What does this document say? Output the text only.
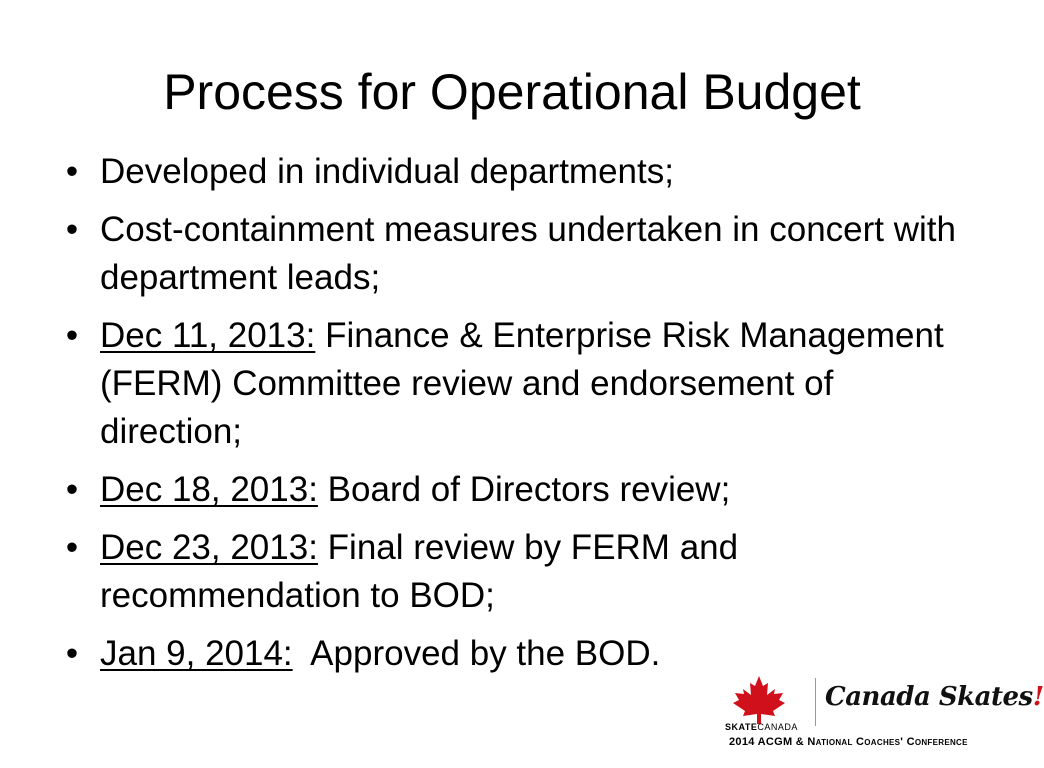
Process for Operational Budget
• Developed in individual departments;
• Cost-containment measures undertaken in concert with department leads;
• Dec 11, 2013: Finance & Enterprise Risk Management (FERM) Committee review and endorsement of direction;
• Dec 18, 2013: Board of Directors review;
• Dec 23, 2013: Final review by FERM and recommendation to BOD;
• Jan 9, 2014:  Approved by the BOD.
SKATECANADA
Canada Skates!
2014 ACGM & National Coaches' Conference
